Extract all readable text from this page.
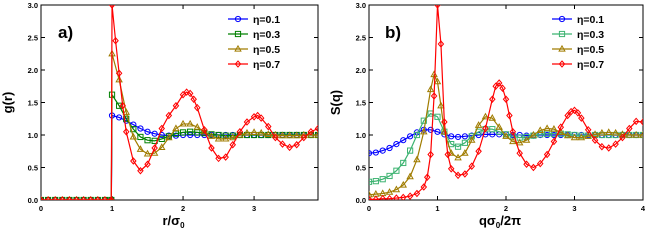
0	1	2	3
0.0
0.5
1.0
1.5
2.0
2.5
3.0
$r/\sigma_0$
g(r)
a)
η=0.1
η=0.3
η=0.5
η=0.7
0	1	2	3	4
0.0
0.5
1.0
1.5
2.0
2.5
3.0
$q\sigma_0/2\pi$
S(q)
b)
η=0.1
η=0.3
η=0.5
η=0.7
